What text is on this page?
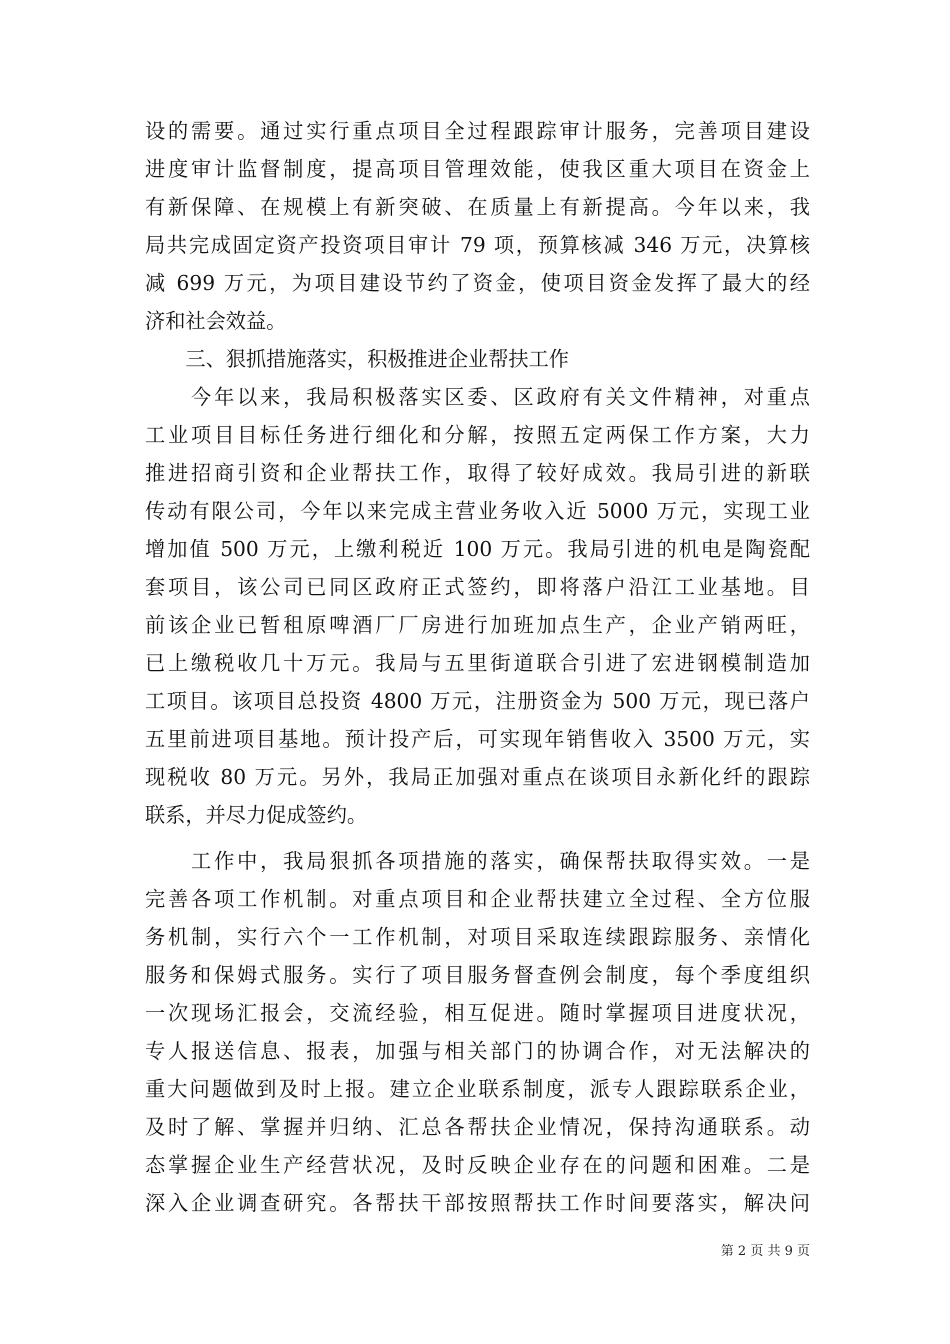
设的需要。通过实行重点项目全过程跟踪审计服务，完善项目建设
进度审计监督制度，提高项目管理效能，使我区重大项目在资金上
有新保障、在规模上有新突破、在质量上有新提高。今年以来，我
局共完成固定资产投资项目审计 79 项，预算核减 346 万元，决算核
减 699 万元，为项目建设节约了资金，使项目资金发挥了最大的经
济和社会效益。
　　三、狠抓措施落实，积极推进企业帮扶工作
　　今年以来，我局积极落实区委、区政府有关文件精神，对重点
工业项目目标任务进行细化和分解，按照五定两保工作方案，大力
推进招商引资和企业帮扶工作，取得了较好成效。我局引进的新联
传动有限公司，今年以来完成主营业务收入近 5000 万元，实现工业
增加值 500 万元，上缴利税近 100 万元。我局引进的机电是陶瓷配
套项目，该公司已同区政府正式签约，即将落户沿江工业基地。目
前该企业已暂租原啤酒厂厂房进行加班加点生产，企业产销两旺，
已上缴税收几十万元。我局与五里街道联合引进了宏进钢模制造加
工项目。该项目总投资 4800 万元，注册资金为 500 万元，现已落户
五里前进项目基地。预计投产后，可实现年销售收入 3500 万元，实
现税收 80 万元。另外，我局正加强对重点在谈项目永新化纤的跟踪
联系，并尽力促成签约。
　　工作中，我局狠抓各项措施的落实，确保帮扶取得实效。一是
完善各项工作机制。对重点项目和企业帮扶建立全过程、全方位服
务机制，实行六个一工作机制，对项目采取连续跟踪服务、亲情化
服务和保姆式服务。实行了项目服务督查例会制度，每个季度组织
一次现场汇报会，交流经验，相互促进。随时掌握项目进度状况，
专人报送信息、报表，加强与相关部门的协调合作，对无法解决的
重大问题做到及时上报。建立企业联系制度，派专人跟踪联系企业，
及时了解、掌握并归纳、汇总各帮扶企业情况，保持沟通联系。动
态掌握企业生产经营状况，及时反映企业存在的问题和困难。二是
深入企业调查研究。各帮扶干部按照帮扶工作时间要落实，解决问
第 2 页 共 9 页
